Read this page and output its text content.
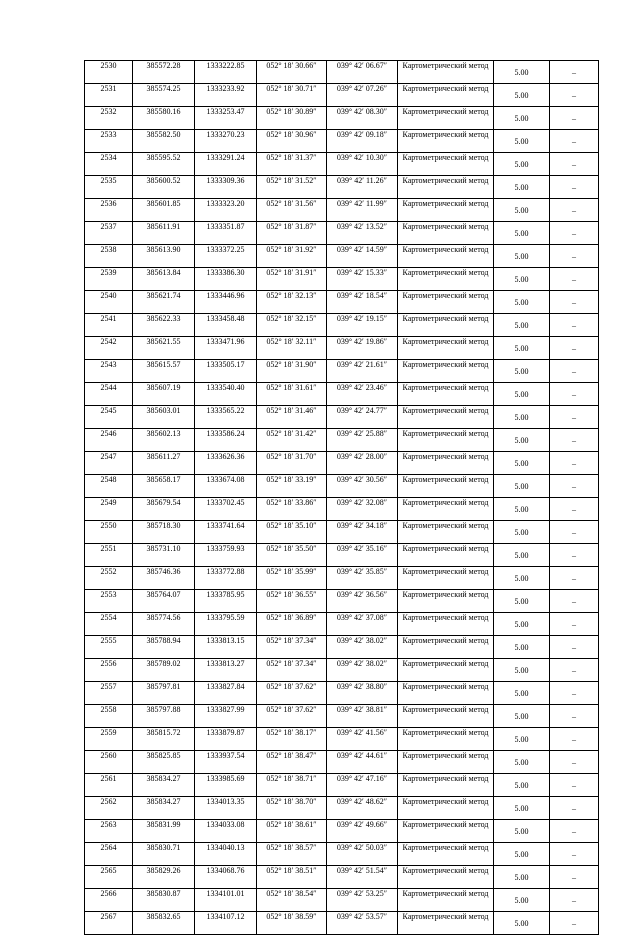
2530	385572.28	1333222.85	052° 18′ 30.66″	039° 42′ 06.67″	Картометрический метод	5.00	–
2531	385574.25	1333233.92	052° 18′ 30.71″	039° 42′ 07.26″	Картометрический метод	5.00	–
2532	385580.16	1333253.47	052° 18′ 30.89″	039° 42′ 08.30″	Картометрический метод	5.00	–
2533	385582.50	1333270.23	052° 18′ 30.96″	039° 42′ 09.18″	Картометрический метод	5.00	–
2534	385595.52	1333291.24	052° 18′ 31.37″	039° 42′ 10.30″	Картометрический метод	5.00	–
2535	385600.52	1333309.36	052° 18′ 31.52″	039° 42′ 11.26″	Картометрический метод	5.00	–
2536	385601.85	1333323.20	052° 18′ 31.56″	039° 42′ 11.99″	Картометрический метод	5.00	–
2537	385611.91	1333351.87	052° 18′ 31.87″	039° 42′ 13.52″	Картометрический метод	5.00	–
2538	385613.90	1333372.25	052° 18′ 31.92″	039° 42′ 14.59″	Картометрический метод	5.00	–
2539	385613.84	1333386.30	052° 18′ 31.91″	039° 42′ 15.33″	Картометрический метод	5.00	–
2540	385621.74	1333446.96	052° 18′ 32.13″	039° 42′ 18.54″	Картометрический метод	5.00	–
2541	385622.33	1333458.48	052° 18′ 32.15″	039° 42′ 19.15″	Картометрический метод	5.00	–
2542	385621.55	1333471.96	052° 18′ 32.11″	039° 42′ 19.86″	Картометрический метод	5.00	–
2543	385615.57	1333505.17	052° 18′ 31.90″	039° 42′ 21.61″	Картометрический метод	5.00	–
2544	385607.19	1333540.40	052° 18′ 31.61″	039° 42′ 23.46″	Картометрический метод	5.00	–
2545	385603.01	1333565.22	052° 18′ 31.46″	039° 42′ 24.77″	Картометрический метод	5.00	–
2546	385602.13	1333586.24	052° 18′ 31.42″	039° 42′ 25.88″	Картометрический метод	5.00	–
2547	385611.27	1333626.36	052° 18′ 31.70″	039° 42′ 28.00″	Картометрический метод	5.00	–
2548	385658.17	1333674.08	052° 18′ 33.19″	039° 42′ 30.56″	Картометрический метод	5.00	–
2549	385679.54	1333702.45	052° 18′ 33.86″	039° 42′ 32.08″	Картометрический метод	5.00	–
2550	385718.30	1333741.64	052° 18′ 35.10″	039° 42′ 34.18″	Картометрический метод	5.00	–
2551	385731.10	1333759.93	052° 18′ 35.50″	039° 42′ 35.16″	Картометрический метод	5.00	–
2552	385746.36	1333772.88	052° 18′ 35.99″	039° 42′ 35.85″	Картометрический метод	5.00	–
2553	385764.07	1333785.95	052° 18′ 36.55″	039° 42′ 36.56″	Картометрический метод	5.00	–
2554	385774.56	1333795.59	052° 18′ 36.89″	039° 42′ 37.08″	Картометрический метод	5.00	–
2555	385788.94	1333813.15	052° 18′ 37.34″	039° 42′ 38.02″	Картометрический метод	5.00	–
2556	385789.02	1333813.27	052° 18′ 37.34″	039° 42′ 38.02″	Картометрический метод	5.00	–
2557	385797.81	1333827.84	052° 18′ 37.62″	039° 42′ 38.80″	Картометрический метод	5.00	–
2558	385797.88	1333827.99	052° 18′ 37.62″	039° 42′ 38.81″	Картометрический метод	5.00	–
2559	385815.72	1333879.87	052° 18′ 38.17″	039° 42′ 41.56″	Картометрический метод	5.00	–
2560	385825.85	1333937.54	052° 18′ 38.47″	039° 42′ 44.61″	Картометрический метод	5.00	–
2561	385834.27	1333985.69	052° 18′ 38.71″	039° 42′ 47.16″	Картометрический метод	5.00	–
2562	385834.27	1334013.35	052° 18′ 38.70″	039° 42′ 48.62″	Картометрический метод	5.00	–
2563	385831.99	1334033.08	052° 18′ 38.61″	039° 42′ 49.66″	Картометрический метод	5.00	–
2564	385830.71	1334040.13	052° 18′ 38.57″	039° 42′ 50.03″	Картометрический метод	5.00	–
2565	385829.26	1334068.76	052° 18′ 38.51″	039° 42′ 51.54″	Картометрический метод	5.00	–
2566	385830.87	1334101.01	052° 18′ 38.54″	039° 42′ 53.25″	Картометрический метод	5.00	–
2567	385832.65	1334107.12	052° 18′ 38.59″	039° 42′ 53.57″	Картометрический метод	5.00	–
